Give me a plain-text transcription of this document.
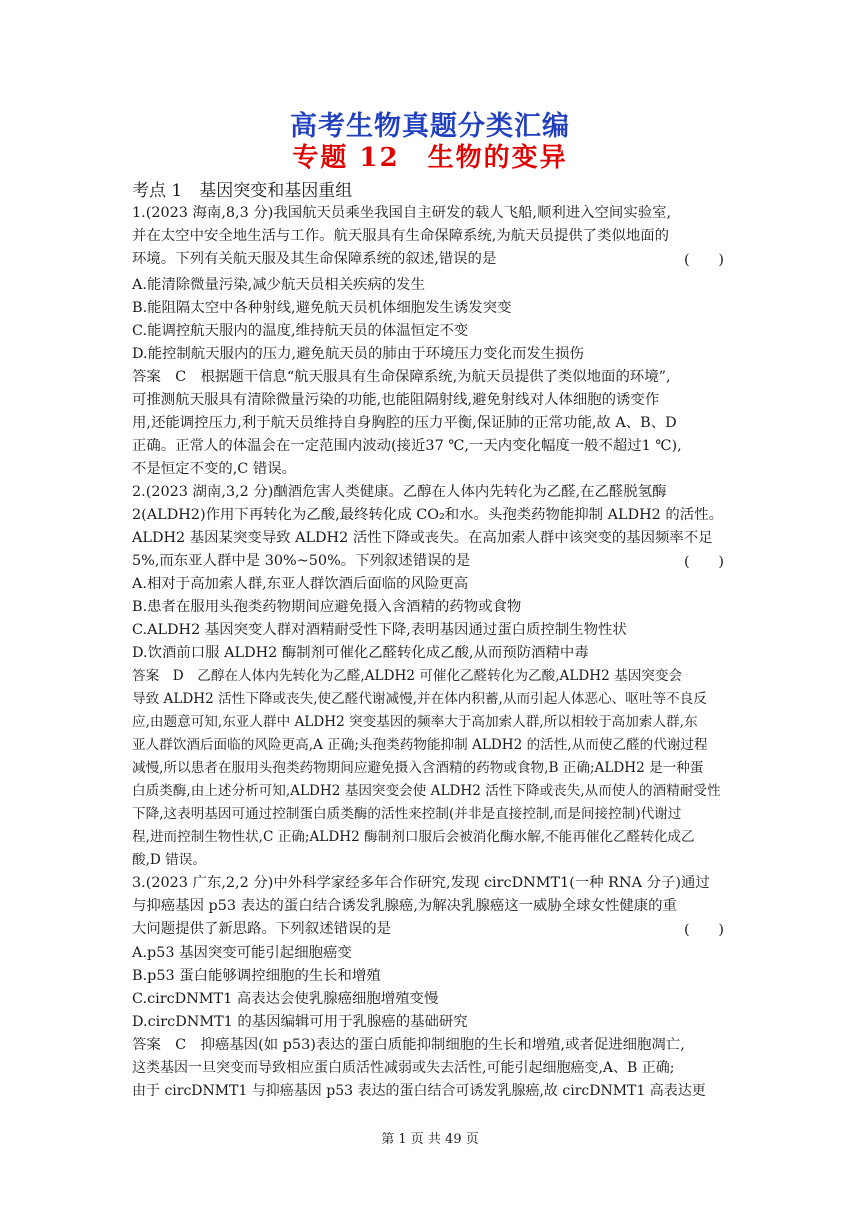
高考生物真题分类汇编
专题 12　生物的变异
考点 1　基因突变和基因重组
1.(2023 海南,8,3 分)我国航天员乘坐我国自主研发的载人飞船,顺利进入空间实验室,
并在太空中安全地生活与工作。航天服具有生命保障系统,为航天员提供了类似地面的
环境。下列有关航天服及其生命保障系统的叙述,错误的是	(　　)
A.能清除微量污染,减少航天员相关疾病的发生
B.能阻隔太空中各种射线,避免航天员机体细胞发生诱发突变
C.能调控航天服内的温度,维持航天员的体温恒定不变
D.能控制航天服内的压力,避免航天员的肺由于环境压力变化而发生损伤
答案　C　根据题干信息“航天服具有生命保障系统,为航天员提供了类似地面的环境”,
可推测航天服具有清除微量污染的功能,也能阻隔射线,避免射线对人体细胞的诱变作
用,还能调控压力,利于航天员维持自身胸腔的压力平衡,保证肺的正常功能,故 A、B、D
正确。正常人的体温会在一定范围内波动(接近37 ℃,一天内变化幅度一般不超过1 ℃),
不是恒定不变的,C 错误。
2.(2023 湖南,3,2 分)酗酒危害人类健康。乙醇在人体内先转化为乙醛,在乙醛脱氢酶
2(ALDH2)作用下再转化为乙酸,最终转化成 CO₂和水。头孢类药物能抑制 ALDH2 的活性。
ALDH2 基因某突变导致 ALDH2 活性下降或丧失。在高加索人群中该突变的基因频率不足
5%,而东亚人群中是 30%~50%。下列叙述错误的是	(　　)
A.相对于高加索人群,东亚人群饮酒后面临的风险更高
B.患者在服用头孢类药物期间应避免摄入含酒精的药物或食物
C.ALDH2 基因突变人群对酒精耐受性下降,表明基因通过蛋白质控制生物性状
D.饮酒前口服 ALDH2 酶制剂可催化乙醛转化成乙酸,从而预防酒精中毒
答案　D　乙醇在人体内先转化为乙醛,ALDH2 可催化乙醛转化为乙酸,ALDH2 基因突变会
导致 ALDH2 活性下降或丧失,使乙醛代谢减慢,并在体内积蓄,从而引起人体恶心、呕吐等不良反
应,由题意可知,东亚人群中 ALDH2 突变基因的频率大于高加索人群,所以相较于高加索人群,东
亚人群饮酒后面临的风险更高,A 正确;头孢类药物能抑制 ALDH2 的活性,从而使乙醛的代谢过程
减慢,所以患者在服用头孢类药物期间应避免摄入含酒精的药物或食物,B 正确;ALDH2 是一种蛋
白质类酶,由上述分析可知,ALDH2 基因突变会使 ALDH2 活性下降或丧失,从而使人的酒精耐受性
下降,这表明基因可通过控制蛋白质类酶的活性来控制(并非是直接控制,而是间接控制)代谢过
程,进而控制生物性状,C 正确;ALDH2 酶制剂口服后会被消化酶水解,不能再催化乙醛转化成乙
酸,D 错误。
3.(2023 广东,2,2 分)中外科学家经多年合作研究,发现 circDNMT1(一种 RNA 分子)通过
与抑癌基因 p53 表达的蛋白结合诱发乳腺癌,为解决乳腺癌这一威胁全球女性健康的重
大问题提供了新思路。下列叙述错误的是	(　　)
A.p53 基因突变可能引起细胞癌变
B.p53 蛋白能够调控细胞的生长和增殖
C.circDNMT1 高表达会使乳腺癌细胞增殖变慢
D.circDNMT1 的基因编辑可用于乳腺癌的基础研究
答案　C　抑癌基因(如 p53)表达的蛋白质能抑制细胞的生长和增殖,或者促进细胞凋亡,
这类基因一旦突变而导致相应蛋白质活性减弱或失去活性,可能引起细胞癌变,A、B 正确;
由于 circDNMT1 与抑癌基因 p53 表达的蛋白结合可诱发乳腺癌,故 circDNMT1 高表达更
第 1 页 共 49 页
